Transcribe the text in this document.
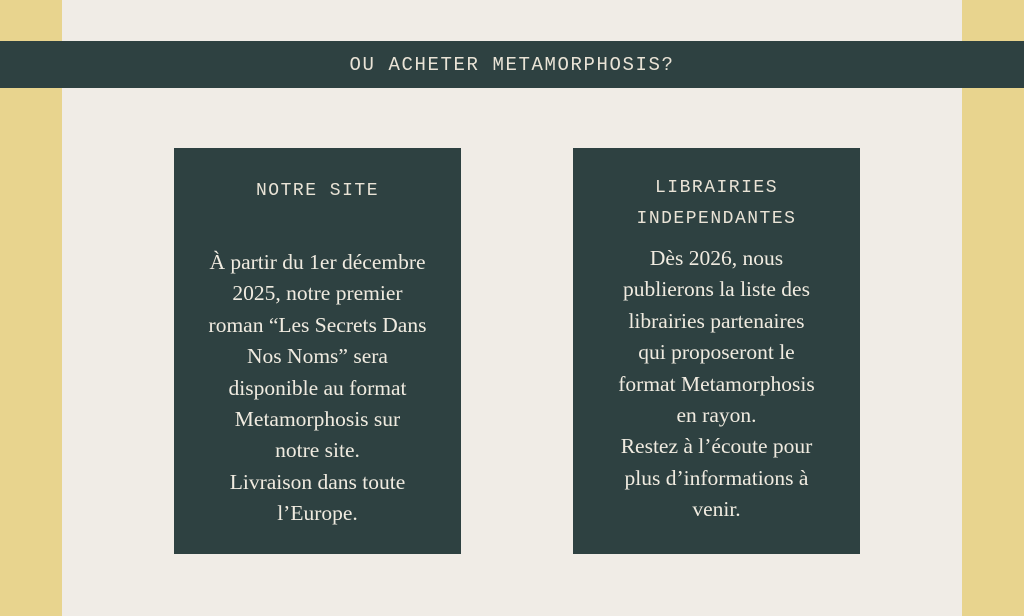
OU ACHETER METAMORPHOSIS?
NOTRE SITE
À partir du 1er décembre
2025, notre premier
roman “Les Secrets Dans
Nos Noms” sera
disponible au format
Metamorphosis sur
notre site.
Livraison dans toute
l’Europe.
LIBRAIRIES
INDEPENDANTES
Dès 2026, nous
publierons la liste des
librairies partenaires
qui proposeront le
format Metamorphosis
en rayon.
Restez à l’écoute pour
plus d’informations à
venir.
